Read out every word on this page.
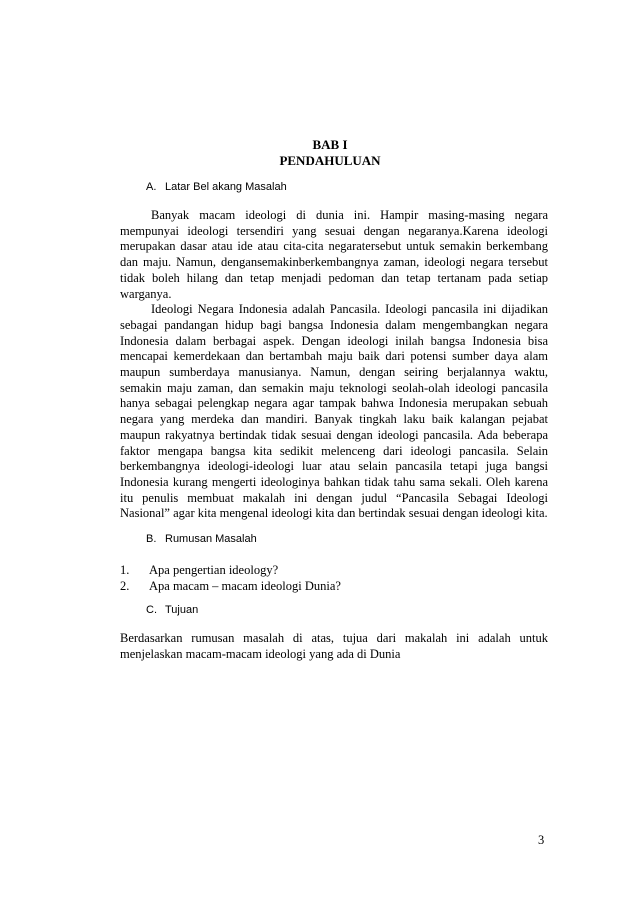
BAB I
PENDAHULUAN
A. Latar Bel akang Masalah

Banyak macam ideologi di dunia ini. Hampir masing-masing negara mempunyai ideologi tersendiri yang sesuai dengan negaranya.Karena ideologi merupakan dasar atau ide atau cita-cita negaratersebut untuk semakin berkembang dan maju. Namun, dengansemakinberkembangnya zaman, ideologi negara tersebut tidak boleh hilang dan tetap menjadi pedoman dan tetap tertanam pada setiap warganya.

Ideologi Negara Indonesia adalah Pancasila. Ideologi pancasila ini dijadikan sebagai pandangan hidup bagi bangsa Indonesia dalam mengembangkan negara Indonesia dalam berbagai aspek. Dengan ideologi inilah bangsa Indonesia bisa mencapai kemerdekaan dan bertambah maju baik dari potensi sumber daya alam maupun sumberdaya manusianya. Namun, dengan seiring berjalannya waktu, semakin maju zaman, dan semakin maju teknologi seolah-olah ideologi pancasila hanya sebagai pelengkap negara agar tampak bahwa Indonesia merupakan sebuah negara yang merdeka dan mandiri. Banyak tingkah laku baik kalangan pejabat maupun rakyatnya bertindak tidak sesuai dengan ideologi pancasila. Ada beberapa faktor mengapa bangsa kita sedikit melenceng dari ideologi pancasila. Selain berkembangnya ideologi-ideologi luar atau selain pancasila tetapi juga bangsi Indonesia kurang mengerti ideologinya bahkan tidak tahu sama sekali. Oleh karena itu penulis membuat makalah ini dengan judul “Pancasila Sebagai Ideologi Nasional” agar kita mengenal ideologi kita dan bertindak sesuai dengan ideologi kita.

B. Rumusan Masalah
1. Apa pengertian ideology?
2. Apa macam – macam ideologi Dunia?
C. Tujuan
Berdasarkan rumusan masalah di atas, tujua dari makalah ini adalah untuk menjelaskan macam-macam ideologi yang ada di Dunia
3
